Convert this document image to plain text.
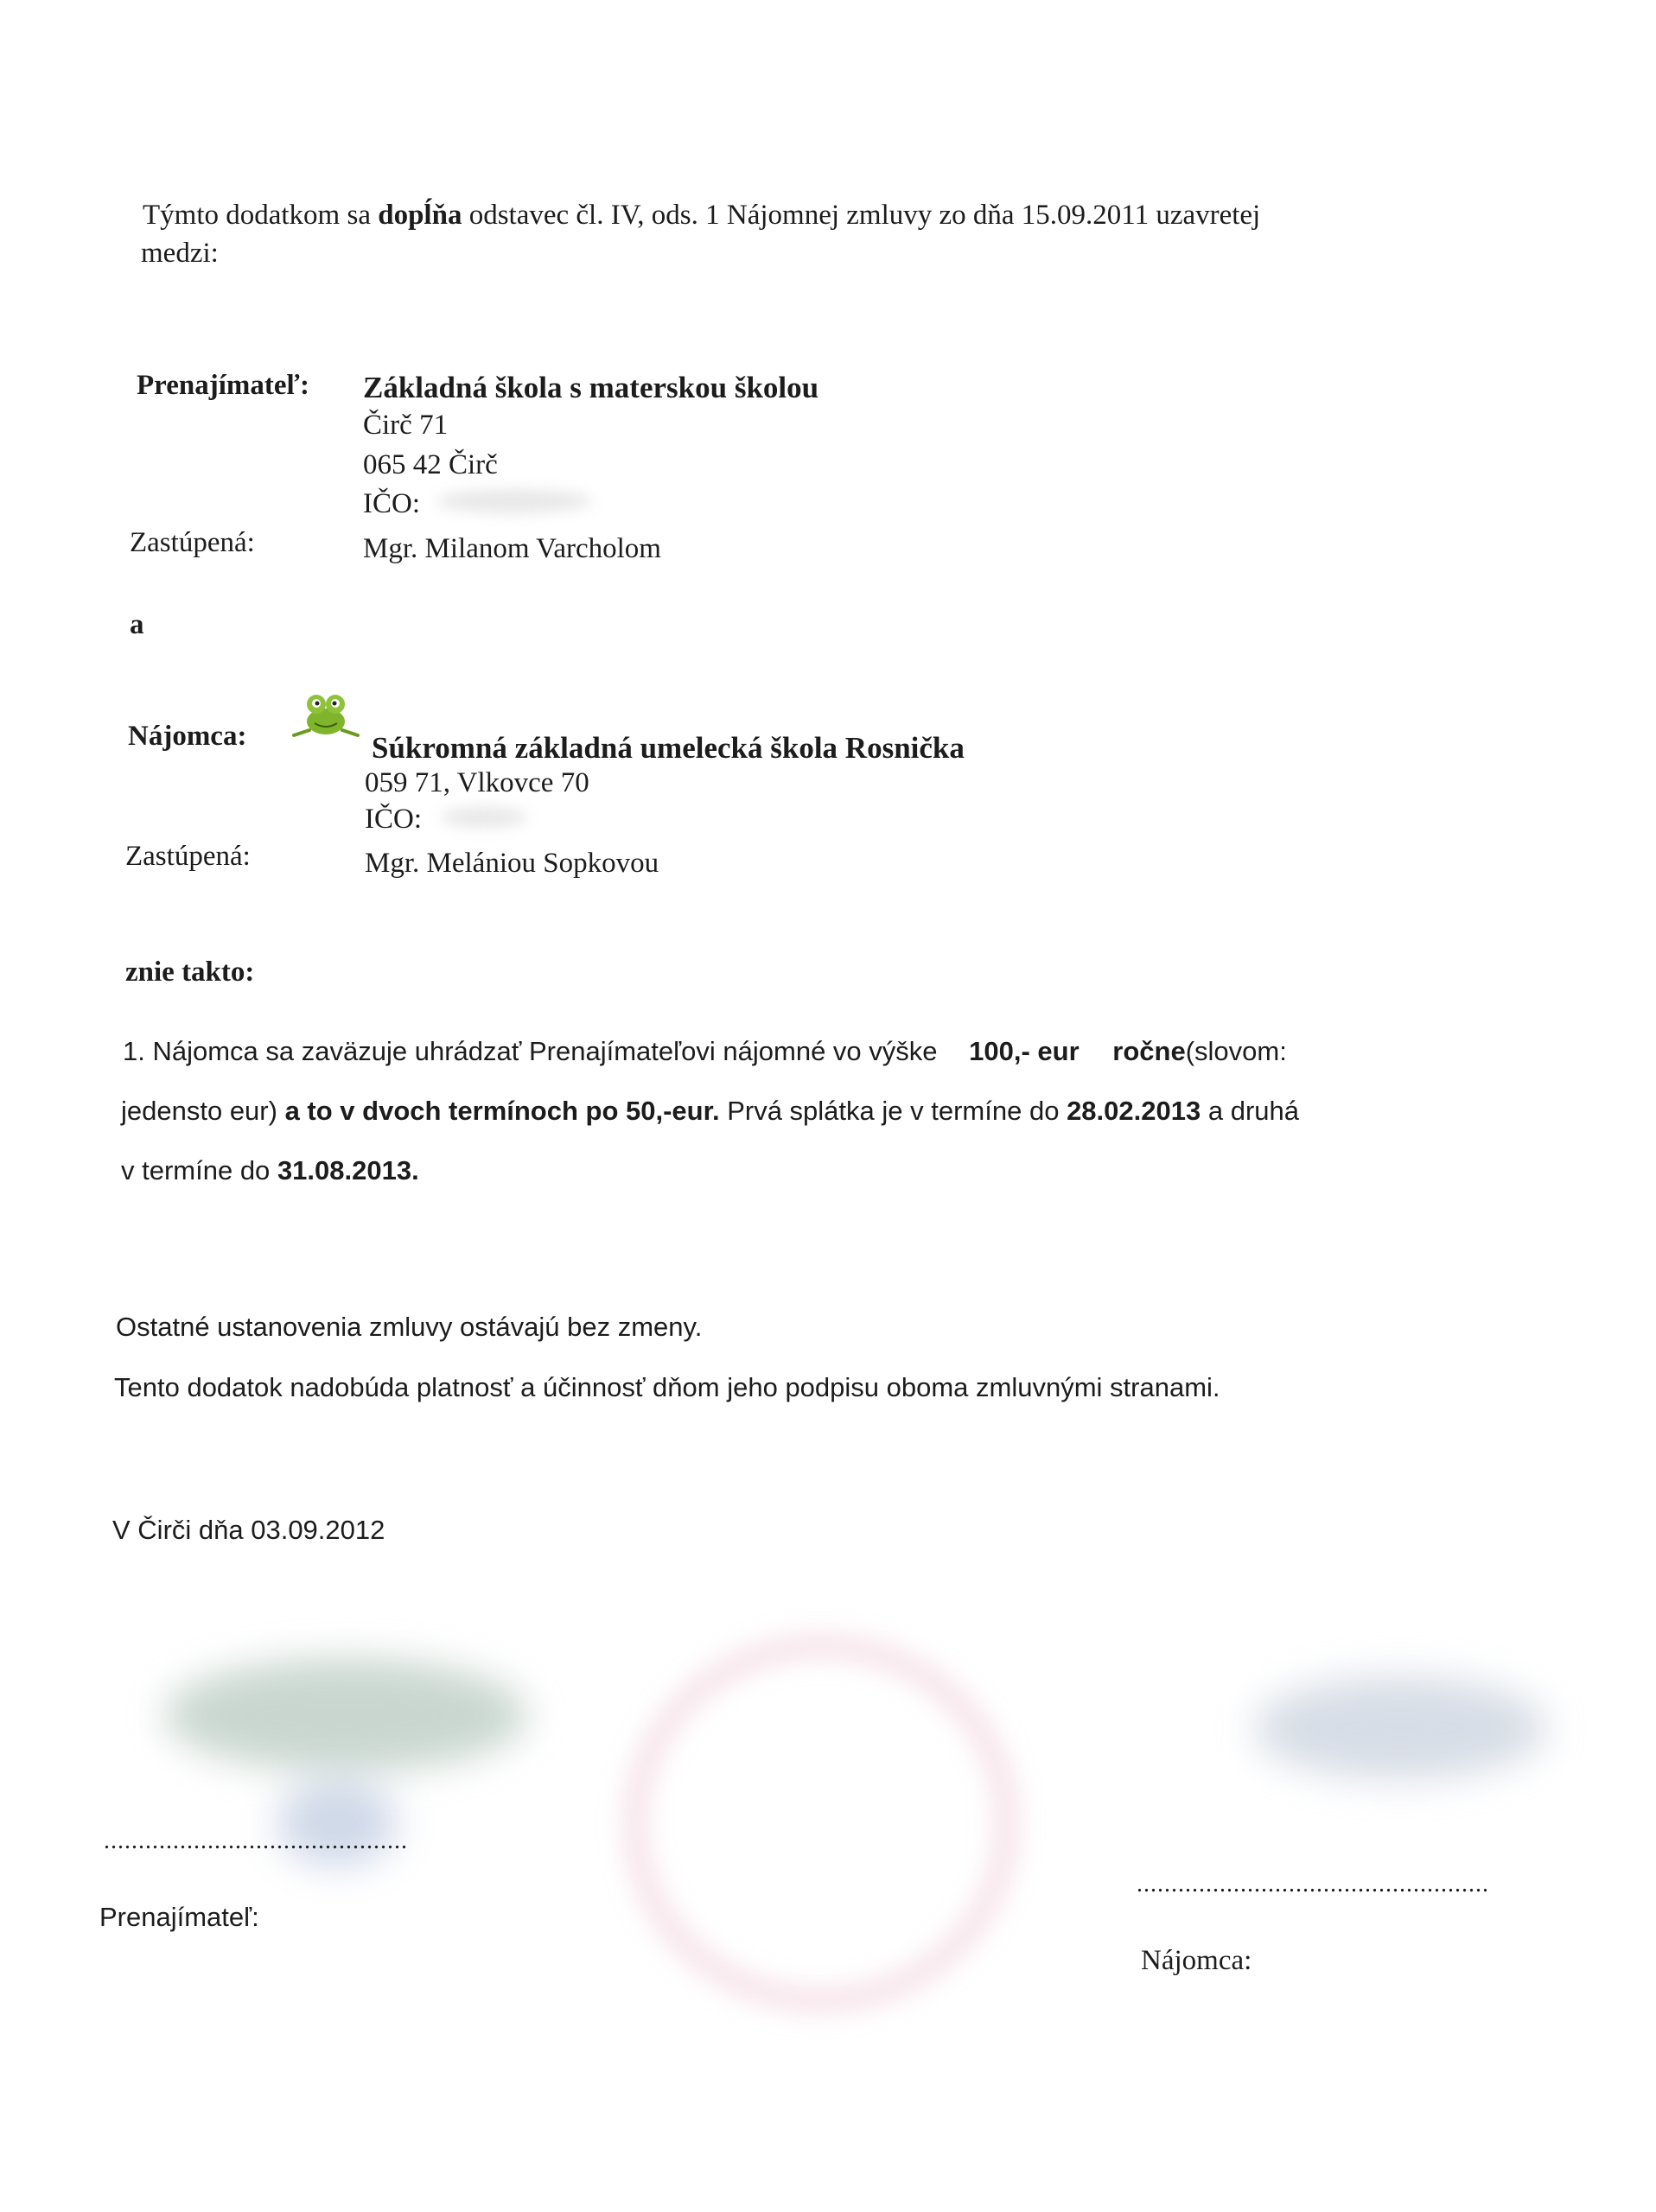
Týmto dodatkom sa dopĺňa odstavec čl. IV, ods. 1 Nájomnej zmluvy zo dňa 15.09.2011 uzavretej
medzi:
Prenajímateľ: Základná škola s materskou školou
Čirč 71
065 42 Čirč
IČO:
Zastúpená:	Mgr. Milanom Varcholom
a
Nájomca:	Súkromná základná umelecká škola Rosnička
059 71, Vlkovce 70
IČO:
Zastúpená:	Mgr. Melániou Sopkovou
znie takto:
1. Nájomca sa zaväzuje uhrádzať Prenajímateľovi nájomné vo výške 100,- eur ročne(slovom:
jedensto eur) a to v dvoch termínoch po 50,-eur. Prvá splátka je v termíne do 28.02.2013 a druhá
v termíne do 31.08.2013.
Ostatné ustanovenia zmluvy ostávajú bez zmeny.
Tento dodatok nadobúda platnosť a účinnosť dňom jeho podpisu oboma zmluvnými stranami.
V Čirči dňa 03.09.2012
............................................
Prenajímateľ:
...................................................
Nájomca:
